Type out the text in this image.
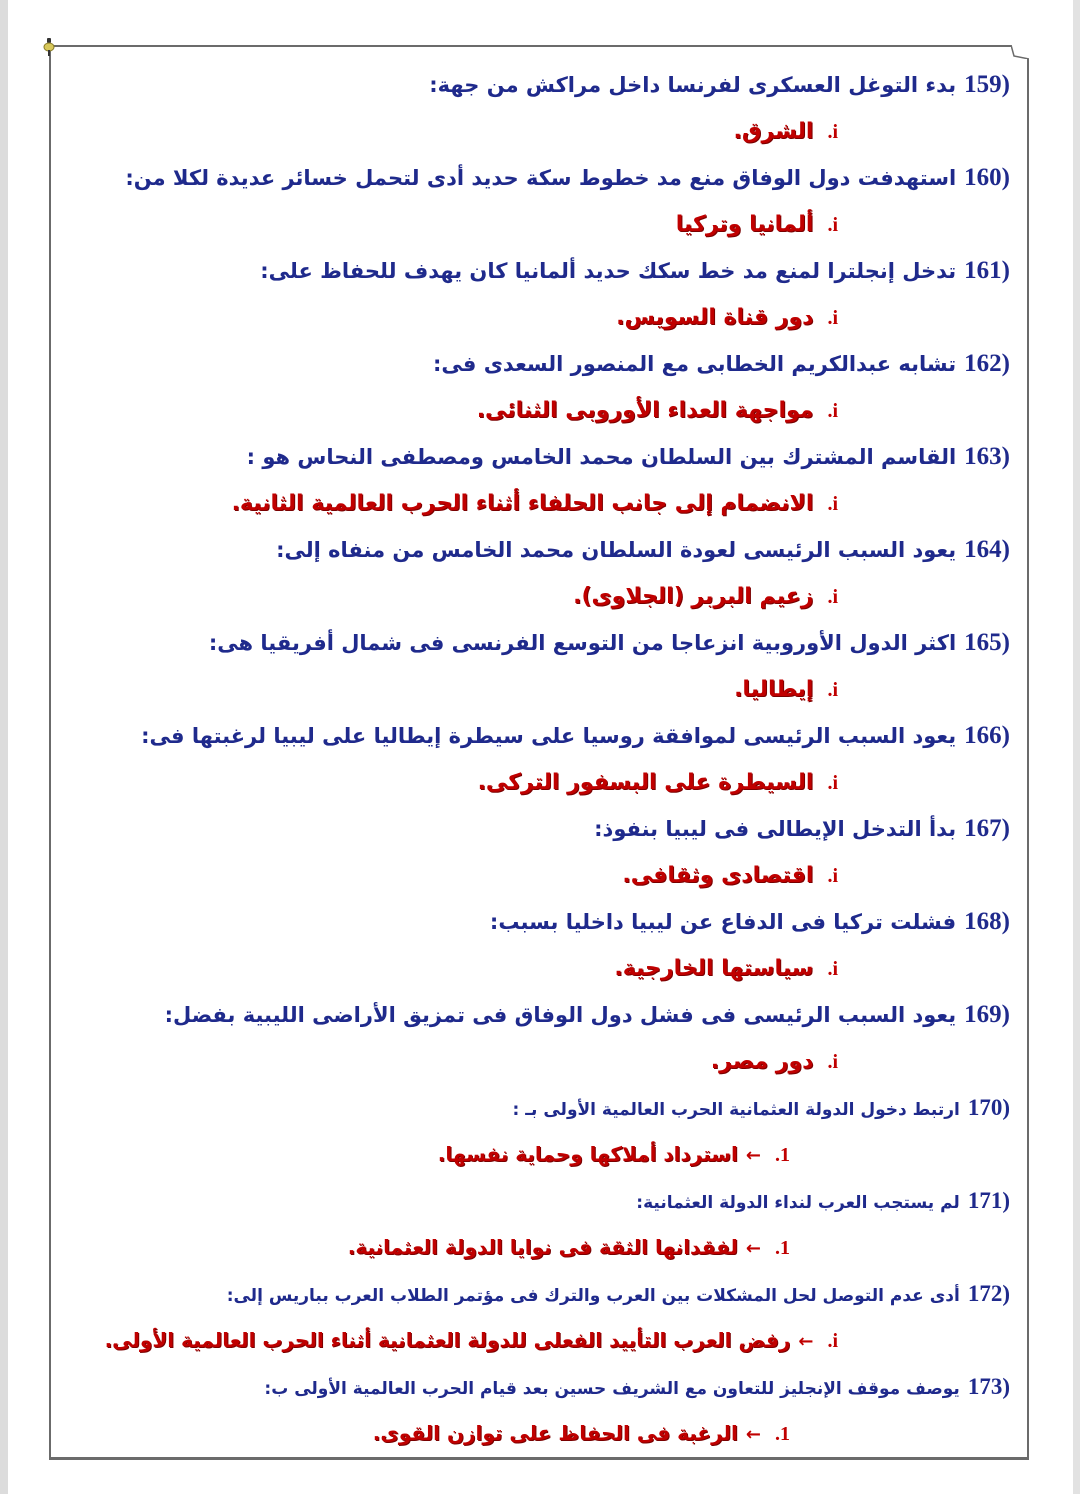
159)بدء التوغل العسكرى لفرنسا داخل مراكش من جهة:
i.الشرق.
160)استهدفت دول الوفاق منع مد خطوط سكة حديد أدى لتحمل خسائر عديدة لكلا من:
i.ألمانيا وتركيا
161)تدخل إنجلترا لمنع مد خط سكك حديد ألمانيا كان يهدف للحفاظ على:
i.دور قناة السويس.
162)تشابه عبدالكريم الخطابى مع المنصور السعدى فى:
i.مواجهة العداء الأوروبى الثنائى.
163)القاسم المشترك بين السلطان محمد الخامس ومصطفى النحاس هو :
i.الانضمام إلى جانب الحلفاء أثناء الحرب العالمية الثانية.
164)يعود السبب الرئيسى لعودة السلطان محمد الخامس من منفاه إلى:
i.زعيم البربر (الجلاوى).
165)اكثر الدول الأوروبية انزعاجا من التوسع الفرنسى فى شمال أفريقيا هى:
i.إيطاليا.
166)يعود السبب الرئيسى لموافقة روسيا على سيطرة إيطاليا على ليبيا لرغبتها فى:
i.السيطرة على البسفور التركى.
167)بدأ التدخل الإيطالى فى ليبيا بنفوذ:
i.اقتصادى وثقافى.
168)فشلت تركيا فى الدفاع عن ليبيا داخليا بسبب:
i.سياستها الخارجية.
169)يعود السبب الرئيسى فى فشل دول الوفاق فى تمزيق الأراضى الليبية بفضل:
i.دور مصر.
170)ارتبط دخول الدولة العثمانية الحرب العالمية الأولى بـ :
1.←استرداد أملاكها وحماية نفسها.
171)لم يستجب العرب لنداء الدولة العثمانية:
1.←لفقدانها الثقة فى نوايا الدولة العثمانية.
172)أدى عدم التوصل لحل المشكلات بين العرب والترك فى مؤتمر الطلاب العرب بباريس إلى:
i.←رفض العرب التأييد الفعلى للدولة العثمانية أثناء الحرب العالمية الأولى.
173)يوصف موقف الإنجليز للتعاون مع الشريف حسين بعد قيام الحرب العالمية الأولى ب:
1.←الرغبة فى الحفاظ على توازن القوى.
